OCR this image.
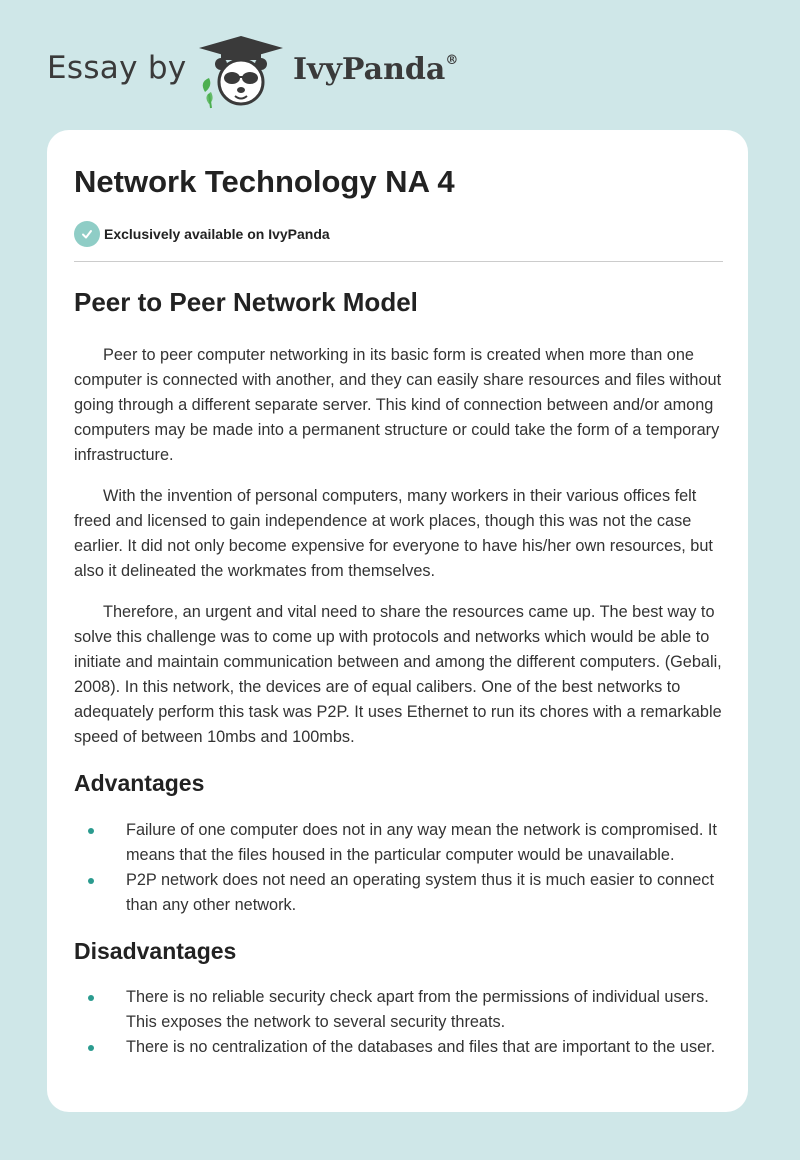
Essay by	IvyPanda®
Network Technology NA 4
Exclusively available on IvyPanda
Peer to Peer Network Model

Peer to peer computer networking in its basic form is created when more than one computer is connected with another, and they can easily share resources and files without going through a different separate server. This kind of connection between and/or among computers may be made into a permanent structure or could take the form of a temporary infrastructure.

With the invention of personal computers, many workers in their various offices felt freed and licensed to gain independence at work places, though this was not the case earlier. It did not only become expensive for everyone to have his/her own resources, but also it delineated the workmates from themselves.

Therefore, an urgent and vital need to share the resources came up. The best way to solve this challenge was to come up with protocols and networks which would be able to initiate and maintain communication between and among the different computers. (Gebali, 2008). In this network, the devices are of equal calibers. One of the best networks to adequately perform this task was P2P. It uses Ethernet to run its chores with a remarkable speed of between 10mbs and 100mbs.

Advantages
Failure of one computer does not in any way mean the network is compromised. It means that the files housed in the particular computer would be unavailable.
P2P network does not need an operating system thus it is much easier to connect than any other network.
Disadvantages
There is no reliable security check apart from the permissions of individual users. This exposes the network to several security threats.
There is no centralization of the databases and files that are important to the user.
